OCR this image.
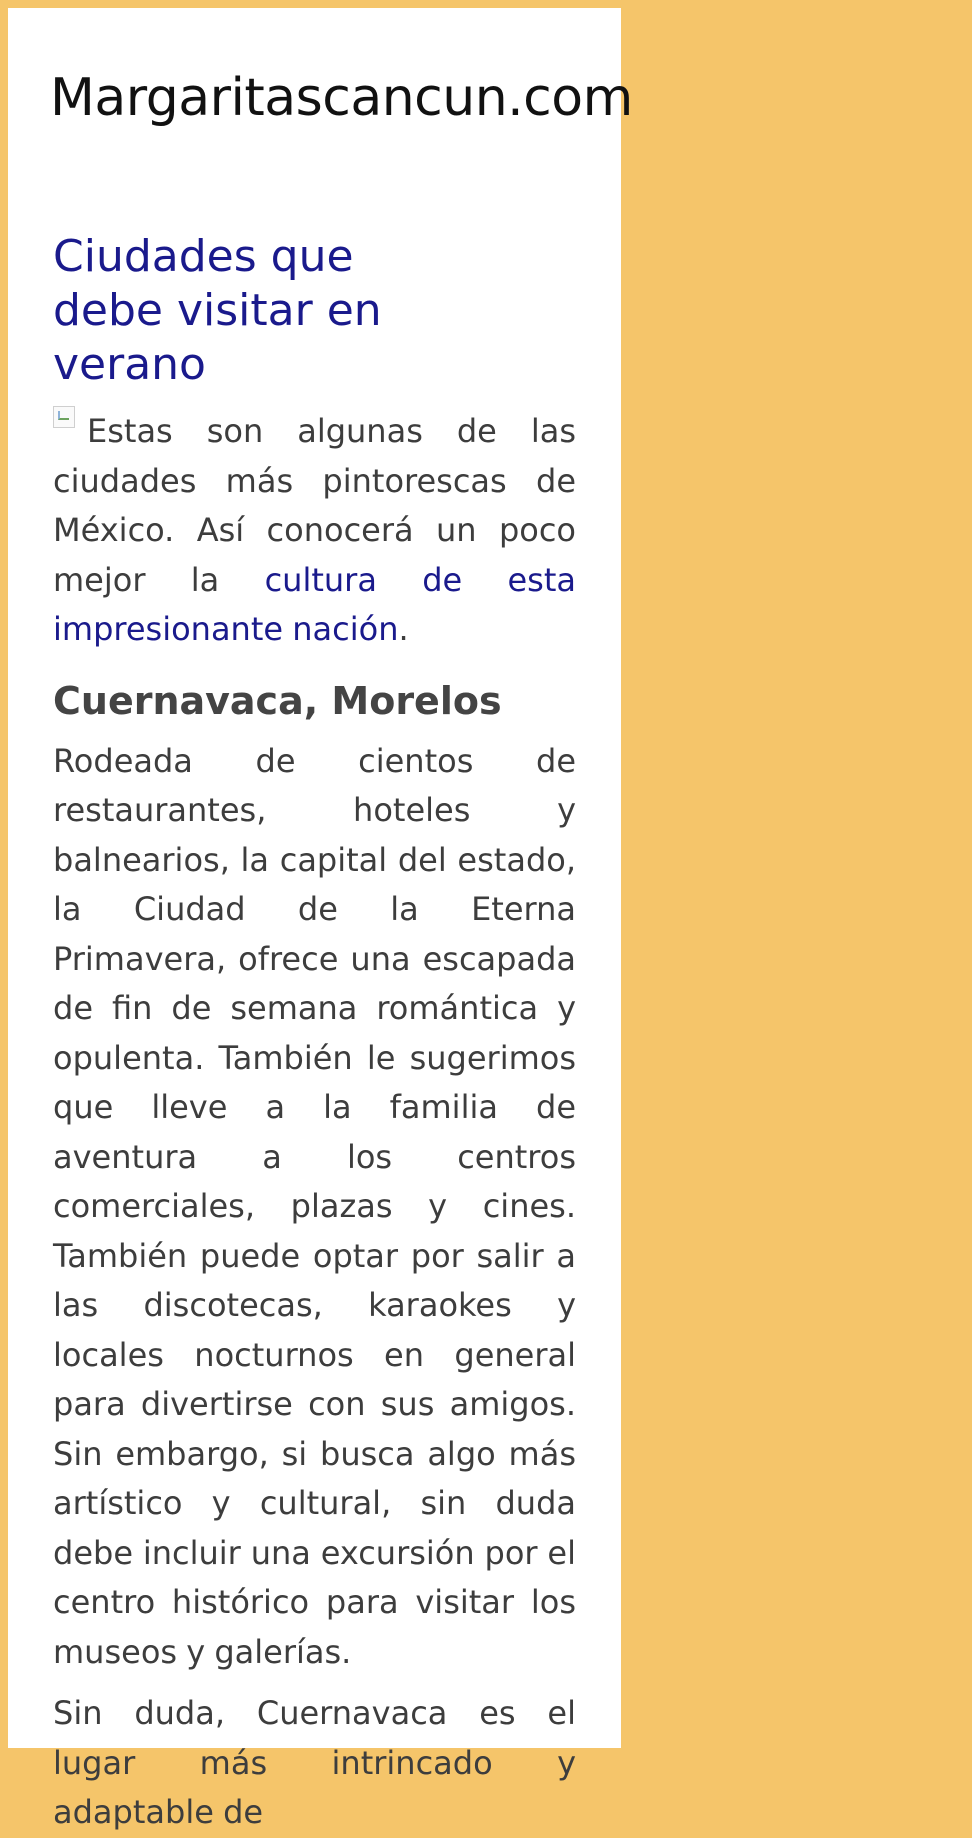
Margaritascancun.com
Ciudades que debe visitar en verano

Estas son algunas de las ciudades más pintorescas de México. Así conocerá un poco mejor la cultura de esta impresionante nación.

Cuernavaca, Morelos

Rodeada de cientos de restaurantes, hoteles y balnearios, la capital del estado, la Ciudad de la Eterna Primavera, ofrece una escapada de fin de semana romántica y opulenta. También le sugerimos que lleve a la familia de aventura a los centros comerciales, plazas y cines. También puede optar por salir a las discotecas, karaokes y locales nocturnos en general para divertirse con sus amigos. Sin embargo, si busca algo más artístico y cultural, sin duda debe incluir una excursión por el centro histórico para visitar los museos y galerías.

Sin duda, Cuernavaca es el lugar más intrincado y adaptable de
